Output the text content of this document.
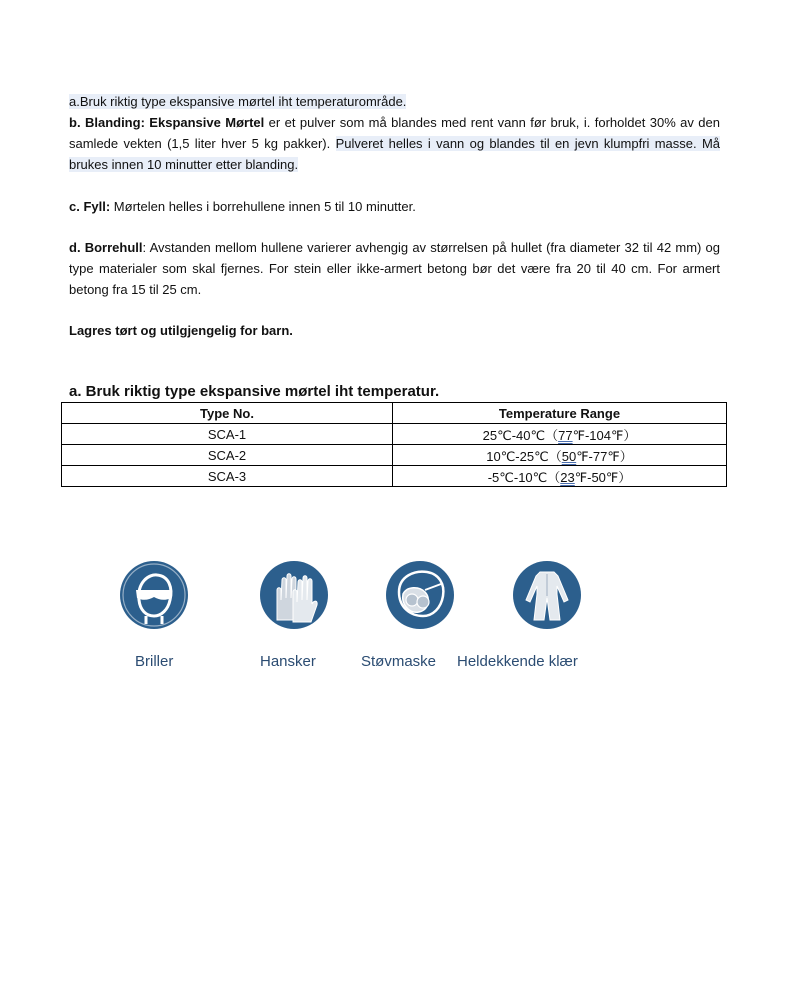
a.Bruk riktig type ekspansive mørtel iht temperaturområde.
b. Blanding: Ekspansive Mørtel er et pulver som må blandes med rent vann før bruk, i. forholdet 30% av den samlede vekten (1,5 liter hver 5 kg pakker). Pulveret helles i vann og blandes til en jevn klumpfri masse. Må brukes innen 10 minutter etter blanding.
c. Fyll: Mørtelen helles i borrehullene innen 5 til 10 minutter.
d. Borrehull: Avstanden mellom hullene varierer avhengig av størrelsen på hullet (fra diameter 32 til 42 mm) og type materialer som skal fjernes. For stein eller ikke-armert betong bør det være fra 20 til 40 cm. For armert betong fra 15 til 25 cm.
Lagres tørt og utilgjengelig for barn.
a. Bruk riktig type ekspansive mørtel iht temperatur.
Type No.	Temperature Range
SCA-1	25℃-40℃（77℉-104℉）
SCA-2	10℃-25℃（50℉-77℉）
SCA-3	-5℃-10℃（23℉-50℉）
Briller	Hansker	Støvmaske Heldekkende klær
